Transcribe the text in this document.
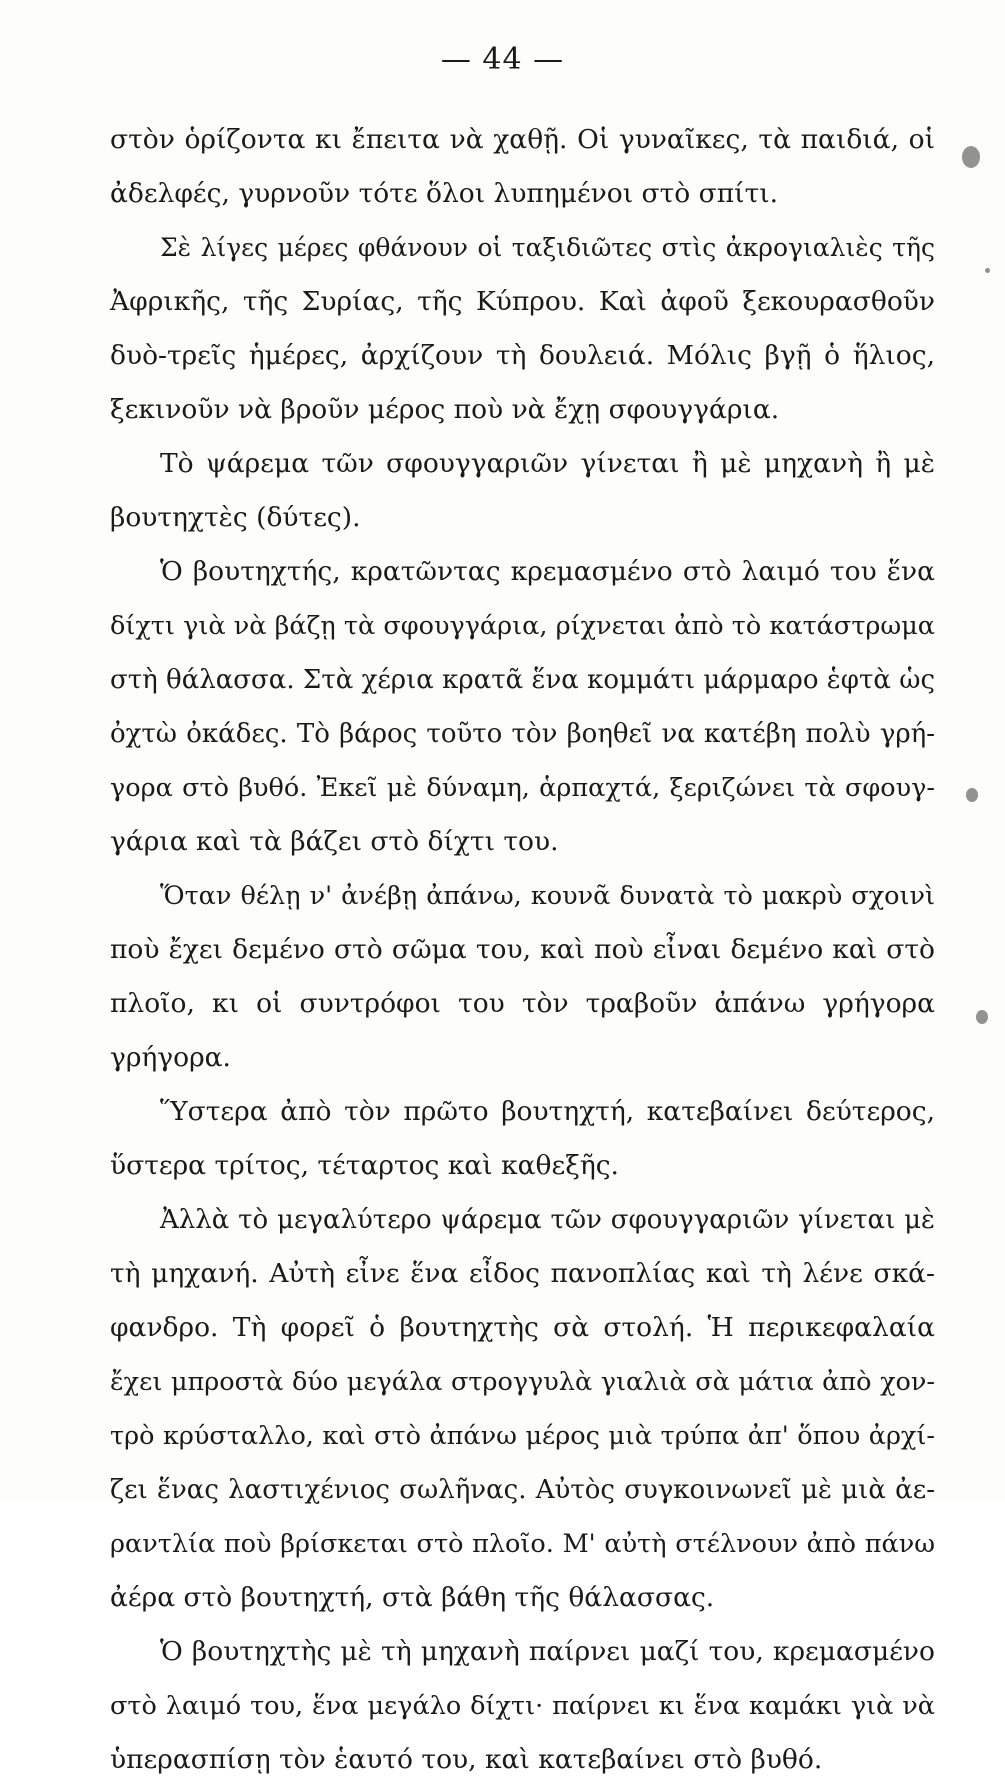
— 44 —
στὸν ὁρίζοντα κι ἔπειτα νὰ χαθῇ. Οἱ γυναῖκες, τὰ παιδιά, οἱ
ἀδελφές, γυρνοῦν τότε ὅλοι λυπημένοι στὸ σπίτι.
Σὲ λίγες μέρες φθάνουν οἱ ταξιδιῶτες στὶς ἀκρογιαλιὲς τῆς
Ἀφρικῆς, τῆς Συρίας, τῆς Κύπρου. Καὶ ἀφοῦ ξεκουρασθοῦν
δυὸ-τρεῖς ἡμέρες, ἀρχίζουν τὴ δουλειά. Μόλις βγῇ ὁ ἥλιος,
ξεκινοῦν νὰ βροῦν μέρος ποὺ νὰ ἔχῃ σφουγγάρια.
Τὸ ψάρεμα τῶν σφουγγαριῶν γίνεται ἢ μὲ μηχανὴ ἢ μὲ
βουτηχτὲς (δύτες).
Ὁ βουτηχτής, κρατῶντας κρεμασμένο στὸ λαιμό του ἕνα
δίχτι γιὰ νὰ βάζῃ τὰ σφουγγάρια, ρίχνεται ἀπὸ τὸ κατάστρωμα
στὴ θάλασσα. Στὰ χέρια κρατᾶ ἕνα κομμάτι μάρμαρο ἑφτὰ ὡς
ὀχτὼ ὀκάδες. Τὸ βάρος τοῦτο τὸν βοηθεῖ να κατέβη πολὺ γρή-
γορα στὸ βυθό. Ἐκεῖ μὲ δύναμη, ἁρπαχτά, ξεριζώνει τὰ σφουγ-
γάρια καὶ τὰ βάζει στὸ δίχτι του.
Ὅταν θέλῃ ν' ἀνέβῃ ἀπάνω, κουνᾶ δυνατὰ τὸ μακρὺ σχοινὶ
ποὺ ἔχει δεμένο στὸ σῶμα του, καὶ ποὺ εἶναι δεμένο καὶ στὸ
πλοῖο, κι οἱ συντρόφοι του τὸν τραβοῦν ἀπάνω γρήγορα
γρήγορα.
Ὕστερα ἀπὸ τὸν πρῶτο βουτηχτή, κατεβαίνει δεύτερος,
ὕστερα τρίτος, τέταρτος καὶ καθεξῆς.
Ἀλλὰ τὸ μεγαλύτερο ψάρεμα τῶν σφουγγαριῶν γίνεται μὲ
τὴ μηχανή. Αὐτὴ εἶνε ἕνα εἶδος πανοπλίας καὶ τὴ λένε σκά-
φανδρο. Τὴ φορεῖ ὁ βουτηχτὴς σὰ στολή. Ἡ περικεφαλαία
ἔχει μπροστὰ δύο μεγάλα στρογγυλὰ γιαλιὰ σὰ μάτια ἀπὸ χον-
τρὸ κρύσταλλο, καὶ στὸ ἀπάνω μέρος μιὰ τρύπα ἀπ' ὅπου ἀρχί-
ζει ἕνας λαστιχένιος σωλῆνας. Αὐτὸς συγκοινωνεῖ μὲ μιὰ ἀε-
ραντλία ποὺ βρίσκεται στὸ πλοῖο. Μ' αὐτὴ στέλνουν ἀπὸ πάνω
ἀέρα στὸ βουτηχτή, στὰ βάθη τῆς θάλασσας.
Ὁ βουτηχτὴς μὲ τὴ μηχανὴ παίρνει μαζί του, κρεμασμένο
στὸ λαιμό του, ἕνα μεγάλο δίχτι· παίρνει κι ἕνα καμάκι γιὰ νὰ
ὑπερασπίσῃ τὸν ἑαυτό του, καὶ κατεβαίνει στὸ βυθό.
